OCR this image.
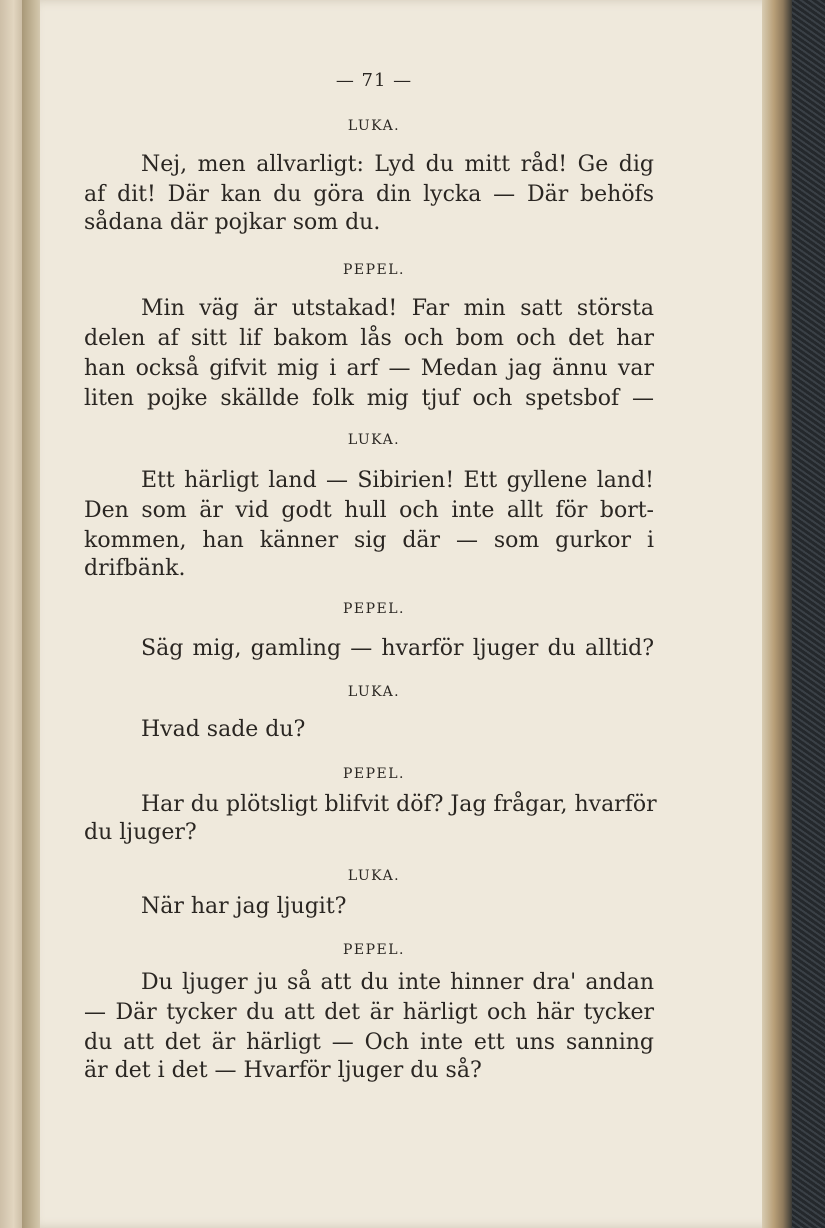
— 71 —
LUKA.
Nej, men allvarligt: Lyd du mitt råd! Ge dig
af dit! Där kan du göra din lycka — Där behöfs
sådana där pojkar som du.
PEPEL.
Min väg är utstakad! Far min satt största
delen af sitt lif bakom lås och bom och det har
han också gifvit mig i arf — Medan jag ännu var
liten pojke skällde folk mig tjuf och spetsbof —
LUKA.
Ett härligt land — Sibirien! Ett gyllene land!
Den som är vid godt hull och inte allt för bort-
kommen, han känner sig där — som gurkor i
drifbänk.
PEPEL.
Säg mig, gamling — hvarför ljuger du alltid?
LUKA.
Hvad sade du?
PEPEL.
Har du plötsligt blifvit döf? Jag frågar, hvarför
du ljuger?
LUKA.
När har jag ljugit?
PEPEL.
Du ljuger ju så att du inte hinner dra' andan
— Där tycker du att det är härligt och här tycker
du att det är härligt — Och inte ett uns sanning
är det i det — Hvarför ljuger du så?
